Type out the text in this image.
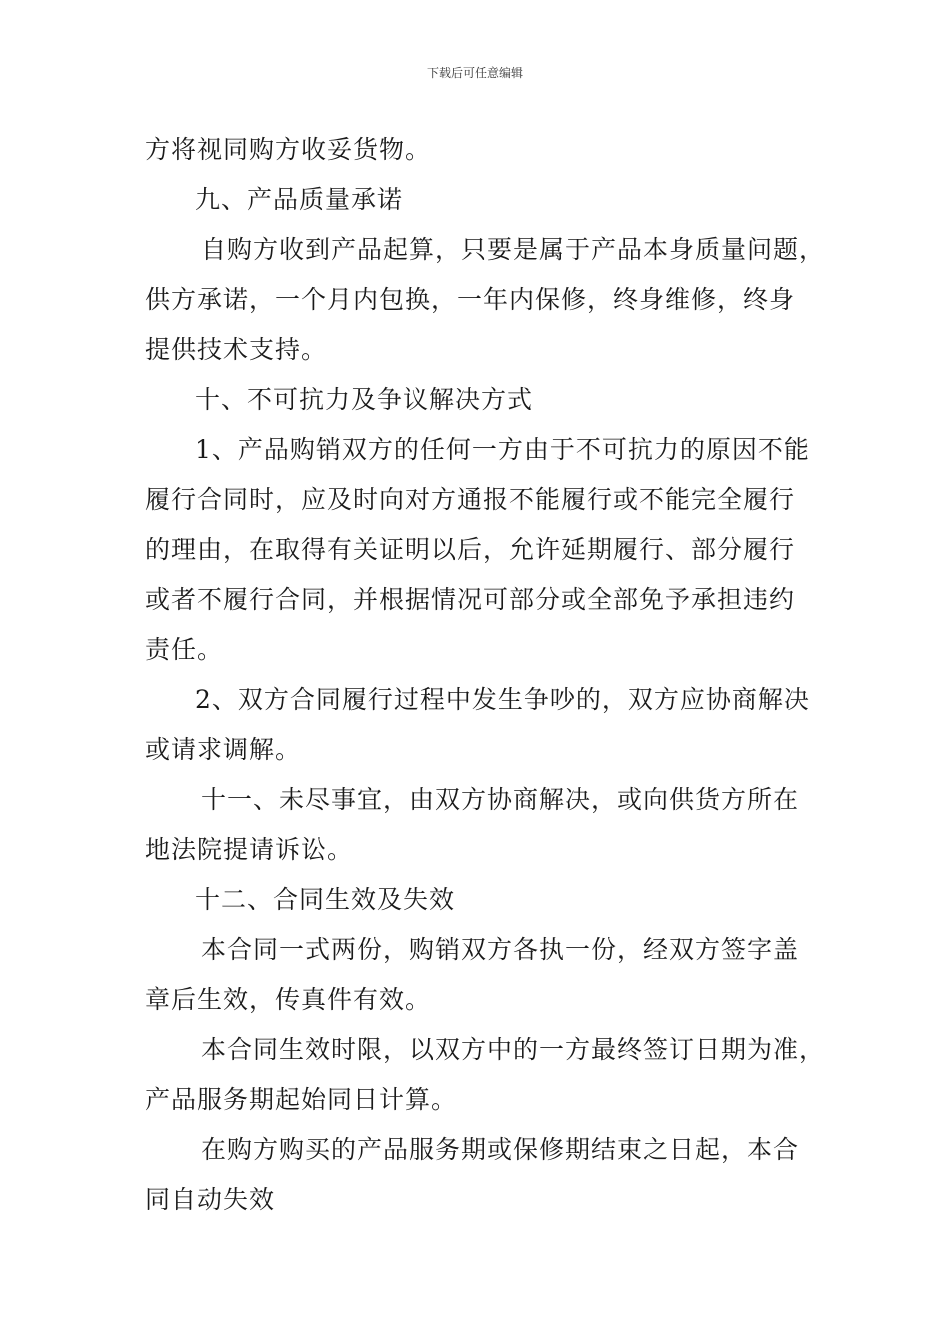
下载后可任意编辑
方将视同购方收妥货物。
九、产品质量承诺
自购方收到产品起算，只要是属于产品本身质量问题，
供方承诺，一个月内包换，一年内保修，终身维修，终身
提供技术支持。
十、不可抗力及争议解决方式
1、产品购销双方的任何一方由于不可抗力的原因不能
履行合同时，应及时向对方通报不能履行或不能完全履行
的理由，在取得有关证明以后，允许延期履行、部分履行
或者不履行合同，并根据情况可部分或全部免予承担违约
责任。
2、双方合同履行过程中发生争吵的，双方应协商解决
或请求调解。
十一、未尽事宜，由双方协商解决，或向供货方所在
地法院提请诉讼。
十二、合同生效及失效
本合同一式两份，购销双方各执一份，经双方签字盖
章后生效，传真件有效。
本合同生效时限，以双方中的一方最终签订日期为准，
产品服务期起始同日计算。
在购方购买的产品服务期或保修期结束之日起，本合
同自动失效
